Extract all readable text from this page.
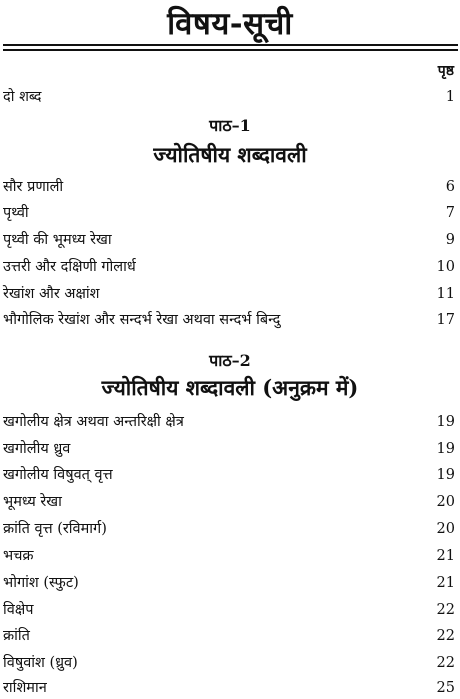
विषय-सूची
पृष्ठ
दो शब्द	1
पाठ–1
ज्योतिषीय शब्दावली
सौर प्रणाली	6
पृथ्वी	7
पृथ्वी की भूमध्य रेखा	9
उत्तरी और दक्षिणी गोलार्ध	10
रेखांश और अक्षांश	11
भौगोलिक रेखांश और सन्दर्भ रेखा अथवा सन्दर्भ बिन्दु	17
पाठ–2
ज्योतिषीय शब्दावली (अनुक्रम में)
खगोलीय क्षेत्र अथवा अन्तरिक्षी क्षेत्र	19
खगोलीय ध्रुव	19
खगोलीय विषुवत् वृत्त	19
भूमध्य रेखा	20
क्रांति वृत्त (रविमार्ग)	20
भचक्र	21
भोगांश (स्फुट)	21
विक्षेप	22
क्रांति	22
विषुवांश (ध्रुव)	22
राशिमान	25
